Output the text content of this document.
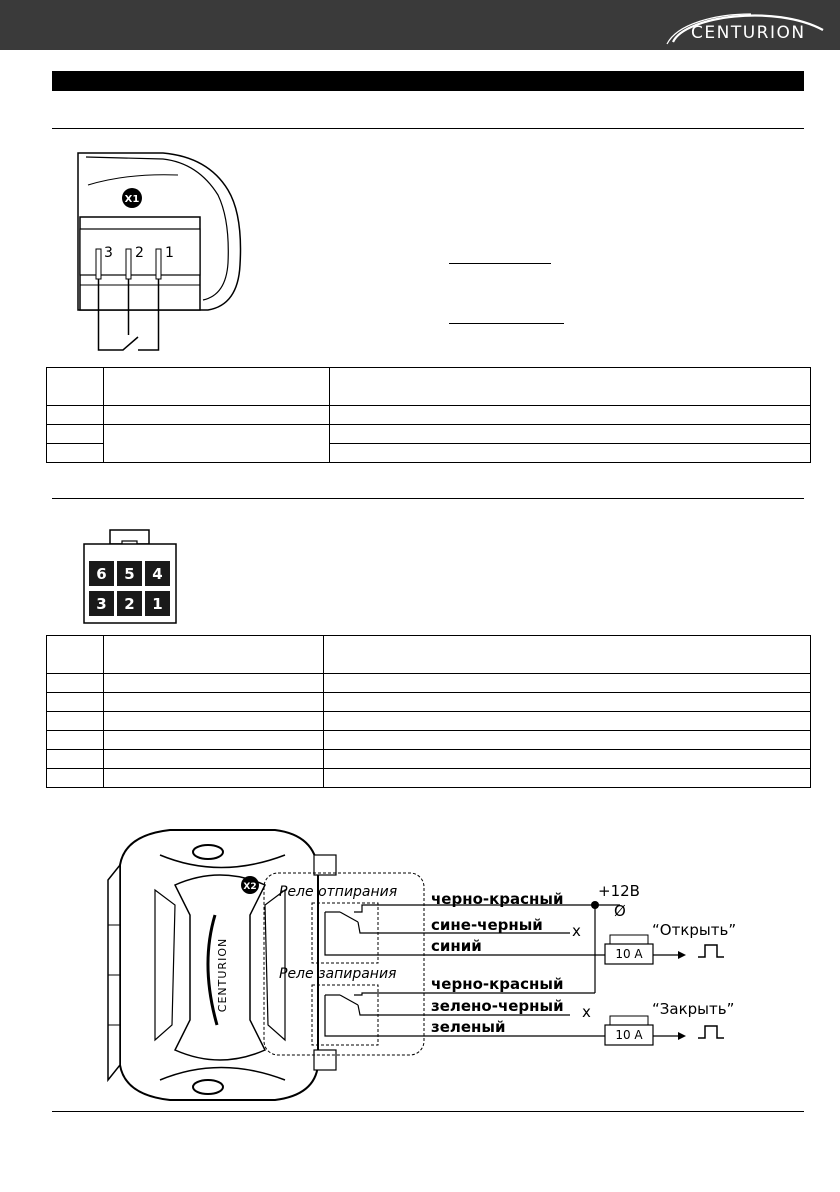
CENTURION
X1
3 2 1

6 5 4
3 2 1

CENTURION
X2 Реле отпирания
Реле запирания
черно-красный
сине-черный
синий
черно-красный
зелено-черный
зеленый
+12В
Ø
x
x
10 A
10 A
“Открыть”
“Закрыть”
